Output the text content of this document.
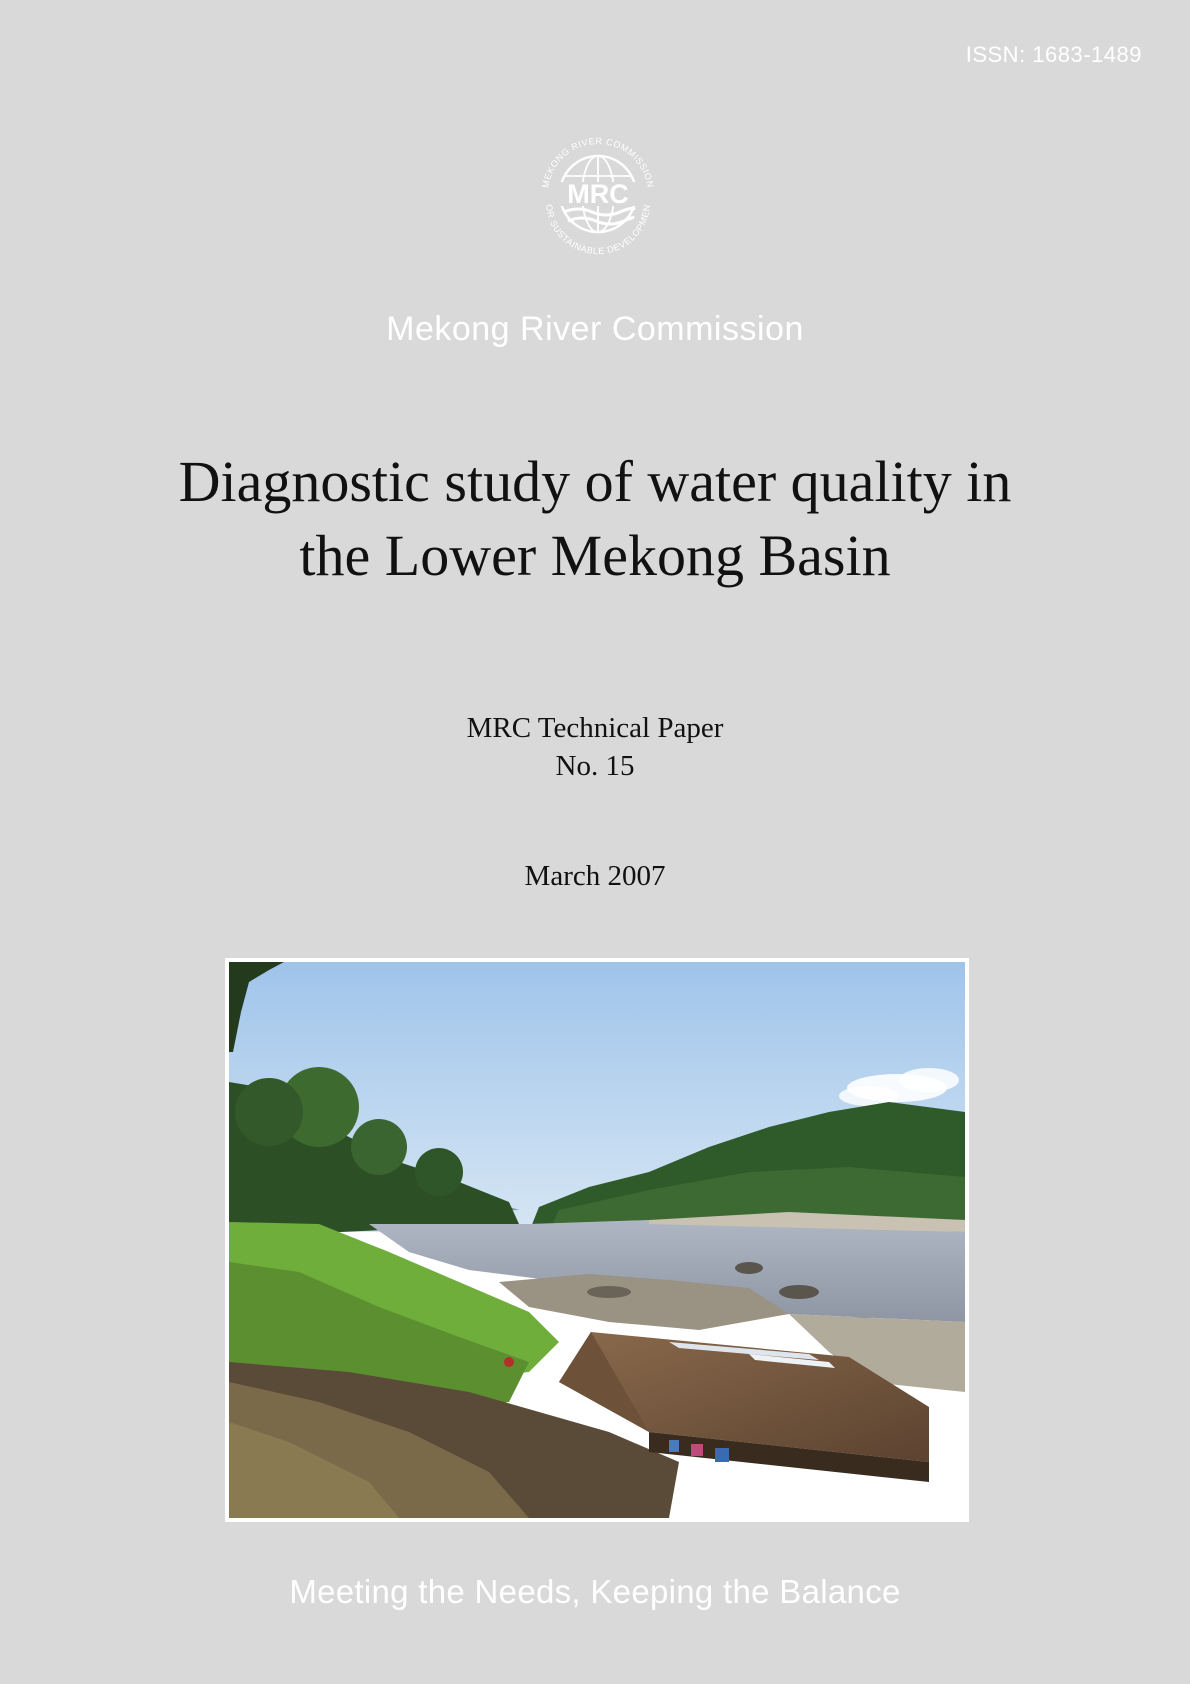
ISSN: 1683-1489
MRC
MEKONG RIVER COMMISSION
OR SUSTAINABLE DEVELOPMEN
Mekong River Commission
Diagnostic study of water quality in
the Lower Mekong Basin
MRC Technical Paper
No. 15
March 2007
Meeting the Needs, Keeping the Balance
